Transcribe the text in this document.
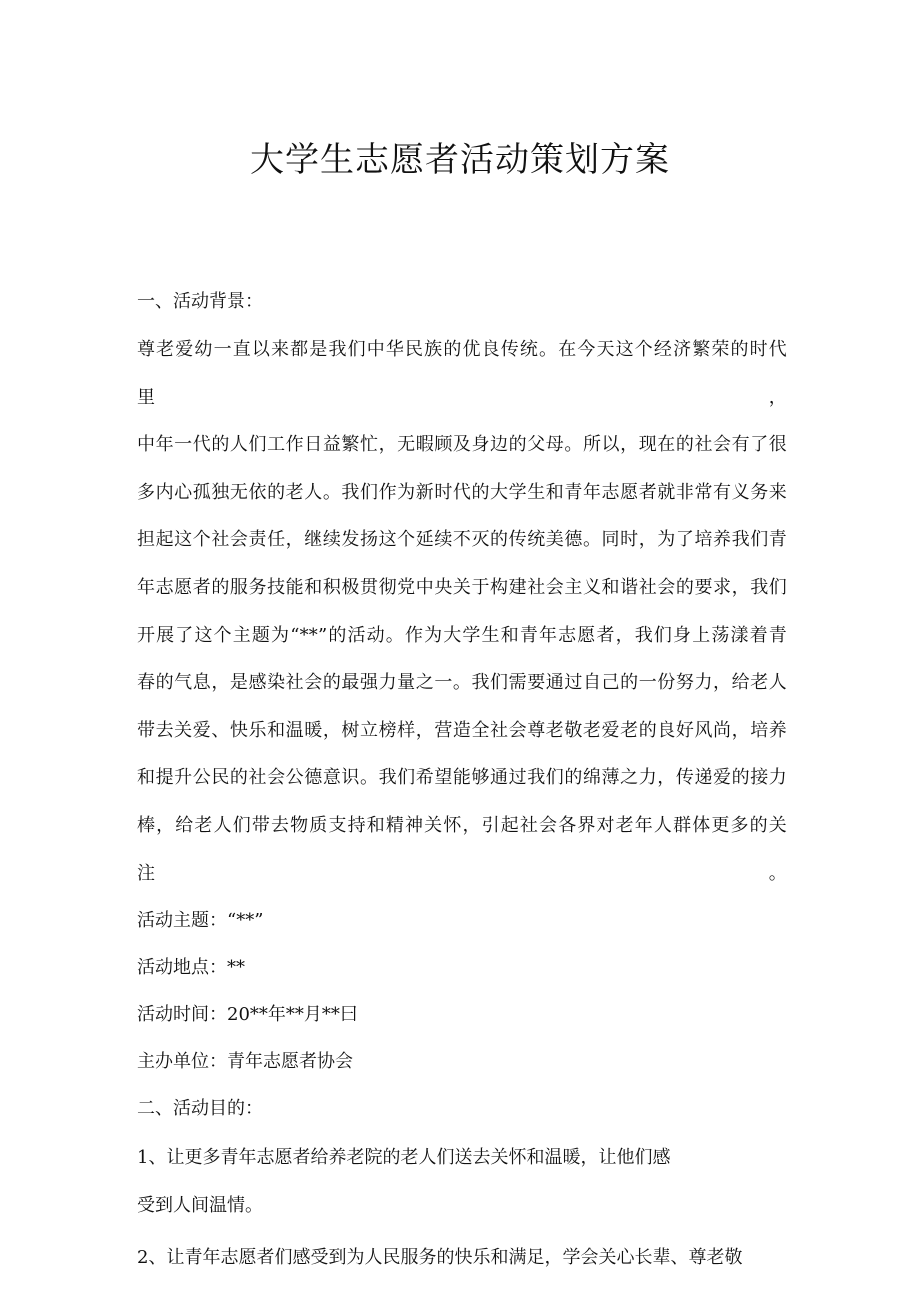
大学生志愿者活动策划方案

一、活动背景：

尊老爱幼一直以来都是我们中华民族的优良传统。在今天这个经济繁荣的时代里，

中年一代的人们工作日益繁忙，无暇顾及身边的父母。所以，现在的社会有了很

多内心孤独无依的老人。我们作为新时代的大学生和青年志愿者就非常有义务来

担起这个社会责任，继续发扬这个延续不灭的传统美德。同时，为了培养我们青

年志愿者的服务技能和积极贯彻党中央关于构建社会主义和谐社会的要求，我们

开展了这个主题为“**”的活动。作为大学生和青年志愿者，我们身上荡漾着青

春的气息，是感染社会的最强力量之一。我们需要通过自己的一份努力，给老人

带去关爱、快乐和温暖，树立榜样，营造全社会尊老敬老爱老的良好风尚，培养

和提升公民的社会公德意识。我们希望能够通过我们的绵薄之力，传递爱的接力

棒，给老人们带去物质支持和精神关怀，引起社会各界对老年人群体更多的关注。

活动主题：“**”

活动地点：**

活动时间：20**年**月**曰

主办单位：青年志愿者协会

二、活动目的：

1、让更多青年志愿者给养老院的老人们送去关怀和温暖，让他们感

受到人间温情。

2、让青年志愿者们感受到为人民服务的快乐和满足，学会关心长辈、尊老敬
